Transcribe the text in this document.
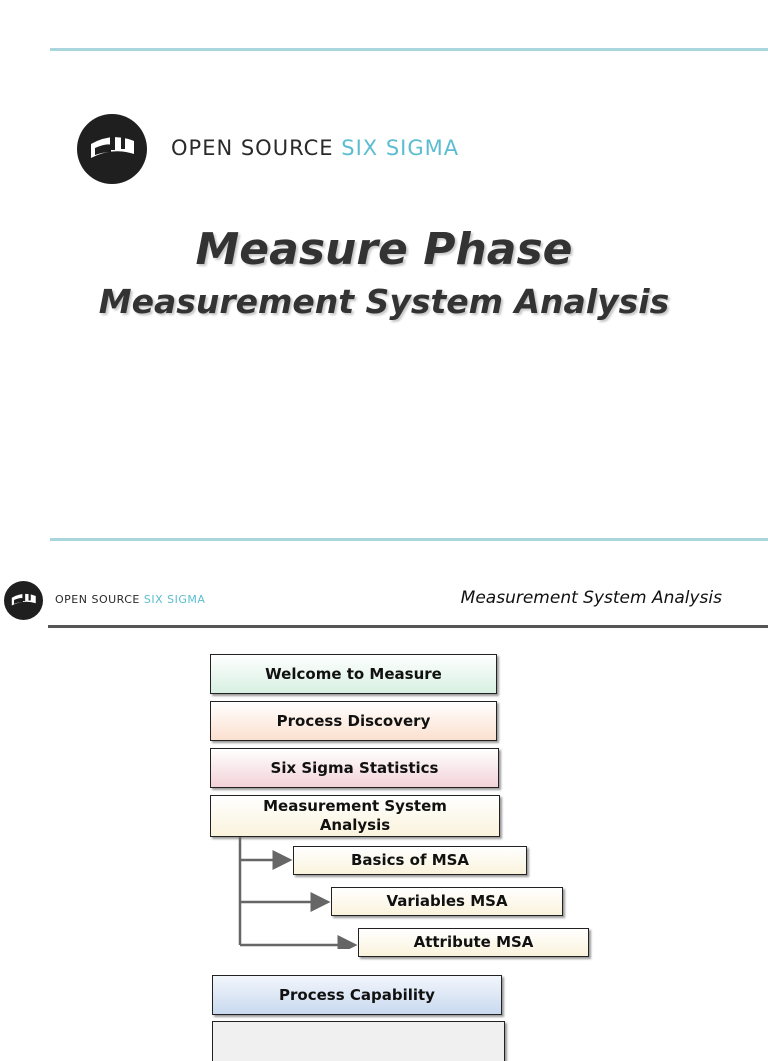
OPEN SOURCE SIX SIGMA
Measure Phase
Measurement System Analysis
OPEN SOURCE SIX SIGMA	Measurement System Analysis
Welcome to Measure
Process Discovery
Six Sigma Statistics
Measurement System Analysis
Basics of MSA
Variables MSA
Attribute MSA
Process Capability
